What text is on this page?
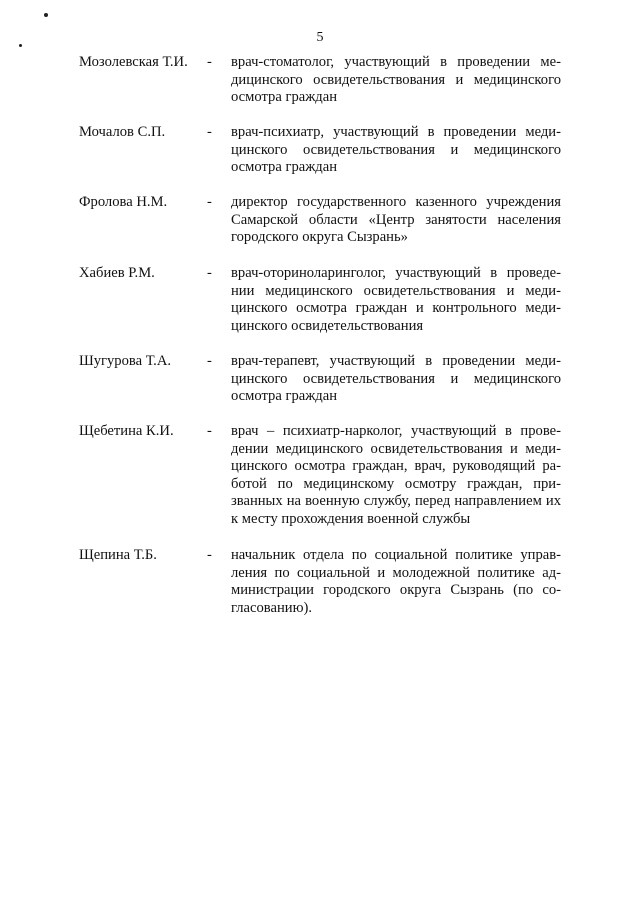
5
Мозолевская Т.И. - врач-стоматолог, участвующий в проведении медицинского освидетельствования и медицинского осмотра граждан
Мочалов С.П.	- врач-психиатр, участвующий в проведении медицинского освидетельствования и медицинского осмотра граждан
Фролова Н.М.	- директор государственного казенного учреждения Самарской области «Центр занятости населения городского округа Сызрань»
Хабиев Р.М.	- врач-оториноларинголог, участвующий в проведении медицинского освидетельствования и медицинского осмотра граждан и контрольного медицинского освидетельствования
Шугурова Т.А. - врач-терапевт, участвующий в проведении медицинского освидетельствования и медицинского осмотра граждан
Щебетина К.И. - врач – психиатр-нарколог, участвующий в проведении медицинского освидетельствования и медицинского осмотра граждан, врач, руководящий работой по медицинскому осмотру граждан, призванных на военную службу, перед направлением их к месту прохождения военной службы
Щепина Т.Б.	- начальник отдела по социальной политике управления по социальной и молодежной политике администрации городского округа Сызрань (по согласованию).
